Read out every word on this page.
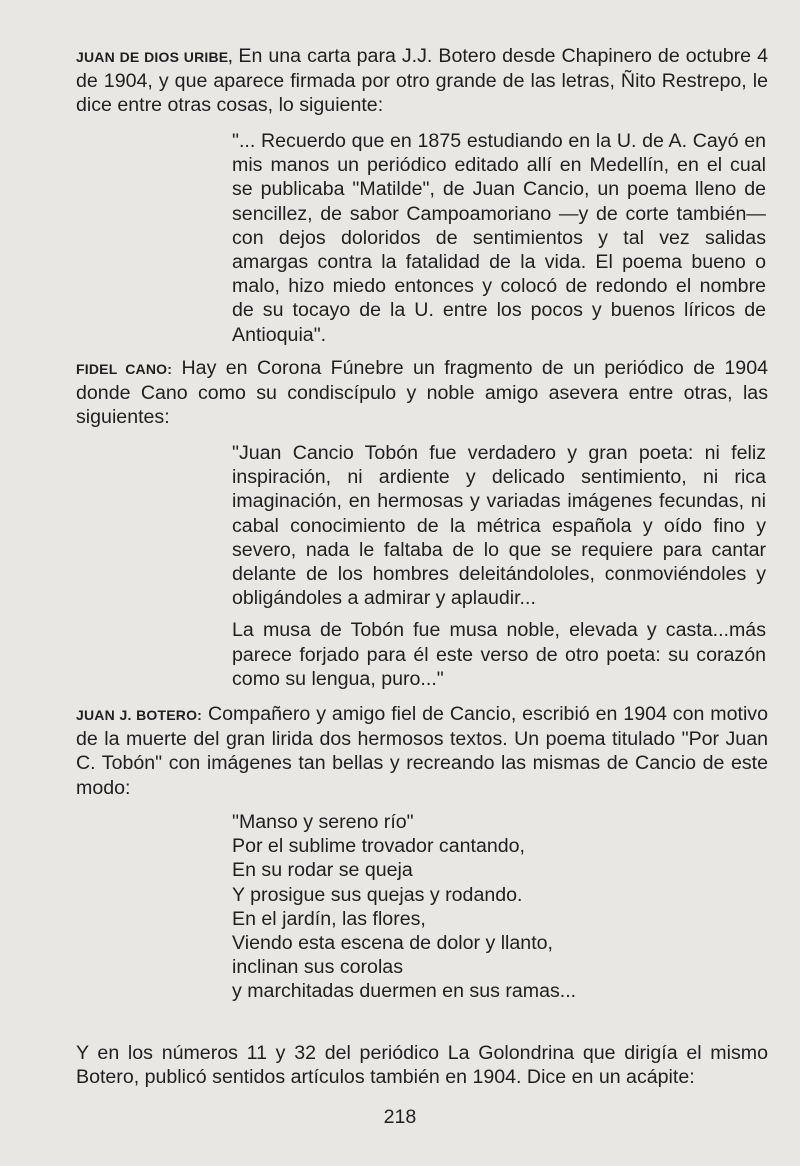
JUAN DE DIOS URIBE, En una carta para J.J. Botero desde Chapinero de octubre 4 de 1904, y que aparece firmada por otro grande de las letras, Ñito Restrepo, le dice entre otras cosas, lo siguiente:

"... Recuerdo que en 1875 estudiando en la U. de A. Cayó en mis manos un periódico editado allí en Medellín, en el cual se publicaba "Matilde", de Juan Cancio, un poema lleno de sencillez, de sabor Campoamoriano —y de corte también— con dejos doloridos de sentimientos y tal vez salidas amargas contra la fatalidad de la vida. El poema bueno o malo, hizo miedo entonces y colocó de redondo el nombre de su tocayo de la U. entre los pocos y buenos líricos de Antioquia".

FIDEL CANO: Hay en Corona Fúnebre un fragmento de un periódico de 1904 donde Cano como su condiscípulo y noble amigo asevera entre otras, las siguientes:

"Juan Cancio Tobón fue verdadero y gran poeta: ni feliz inspiración, ni ardiente y delicado sentimiento, ni rica imaginación, en hermosas y variadas imágenes fecundas, ni cabal conocimiento de la métrica española y oído fino y severo, nada le faltaba de lo que se requiere para cantar delante de los hombres deleitándololes, conmoviéndoles y obligándoles a admirar y aplaudir...

La musa de Tobón fue musa noble, elevada y casta...más parece forjado para él este verso de otro poeta: su corazón como su lengua, puro..."

JUAN J. BOTERO: Compañero y amigo fiel de Cancio, escribió en 1904 con motivo de la muerte del gran lirida dos hermosos textos. Un poema titulado "Por Juan C. Tobón" con imágenes tan bellas y recreando las mismas de Cancio de este modo:

"Manso y sereno río"
Por el sublime trovador cantando,
En su rodar se queja
Y prosigue sus quejas y rodando.
En el jardín, las flores,
Viendo esta escena de dolor y llanto,
inclinan sus corolas
y marchitadas duermen en sus ramas...

Y en los números 11 y 32 del periódico La Golondrina que dirigía el mismo Botero, publicó sentidos artículos también en 1904. Dice en un acápite:

218
